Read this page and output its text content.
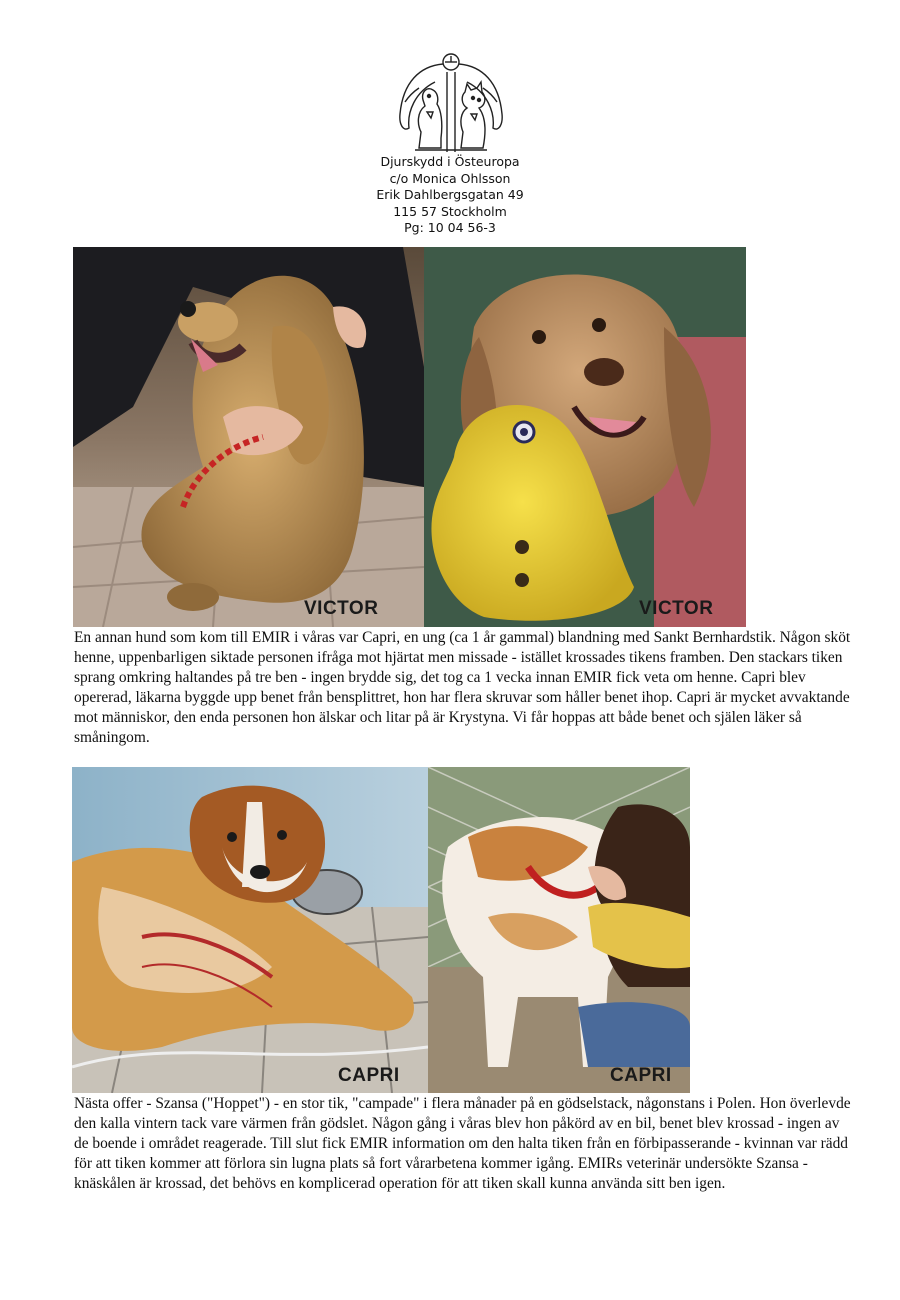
Djurskydd i Östeuropa
c/o Monica Ohlsson
Erik Dahlbergsgatan 49
115 57 Stockholm
Pg: 10 04 56-3
VICTOR	VICTOR
En annan hund som kom till EMIR i våras var Capri, en ung (ca 1 år gammal) blandning med Sankt Bernhardstik. Någon sköt henne, uppenbarligen siktade personen ifråga mot hjärtat men missade - istället krossades tikens framben. Den stackars tiken sprang omkring haltandes på tre ben - ingen brydde sig, det tog ca 1 vecka innan EMIR fick veta om henne. Capri blev opererad, läkarna byggde upp benet från bensplittret, hon har flera skruvar som håller benet ihop. Capri är mycket avvaktande mot människor, den enda personen hon älskar och litar på är Krystyna. Vi får hoppas att både benet och själen läker så småningom.
CAPRI	CAPRI
Nästa offer - Szansa ("Hoppet") - en stor tik, "campade" i flera månader på en gödselstack, någonstans i Polen. Hon överlevde den kalla vintern tack vare värmen från gödslet. Någon gång i våras blev hon påkörd av en bil, benet blev krossad - ingen av de boende i området reagerade. Till slut fick EMIR information om den halta tiken från en förbipasserande - kvinnan var rädd för att tiken kommer att förlora sin lugna plats så fort vårarbetena kommer igång. EMIRs veterinär undersökte Szansa - knäskålen är krossad, det behövs en komplicerad operation för att tiken skall kunna använda sitt ben igen.
